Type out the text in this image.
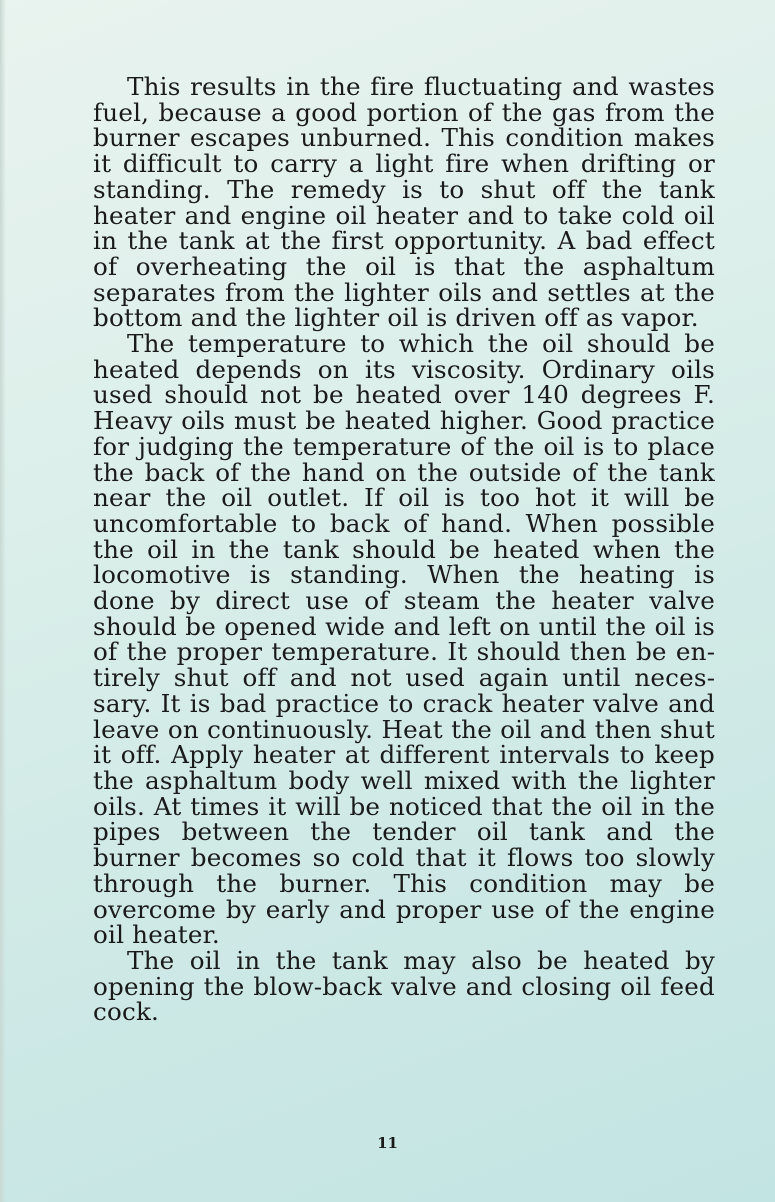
This results in the fire fluctuating and wastes fuel, because a good portion of the gas from the burner escapes unburned. This condition makes it difficult to carry a light fire when drifting or standing. The remedy is to shut off the tank heater and engine oil heater and to take cold oil in the tank at the first opportunity. A bad effect of overheating the oil is that the asphaltum separates from the lighter oils and settles at the bottom and the lighter oil is driven off as vapor.

The temperature to which the oil should be heated depends on its viscosity. Ordinary oils used should not be heated over 140 degrees F. Heavy oils must be heated higher. Good practice for judging the temperature of the oil is to place the back of the hand on the outside of the tank near the oil outlet. If oil is too hot it will be uncomfortable to back of hand. When possible the oil in the tank should be heated when the locomotive is standing. When the heating is done by direct use of steam the heater valve should be opened wide and left on until the oil is of the proper temperature. It should then be entirely shut off and not used again until necessary. It is bad practice to crack heater valve and leave on continuously. Heat the oil and then shut it off. Apply heater at different intervals to keep the asphaltum body well mixed with the lighter oils. At times it will be noticed that the oil in the pipes between the tender oil tank and the burner becomes so cold that it flows too slowly through the burner. This condition may be overcome by early and proper use of the engine oil heater.

The oil in the tank may also be heated by opening the blow-back valve and closing oil feed cock.

11
